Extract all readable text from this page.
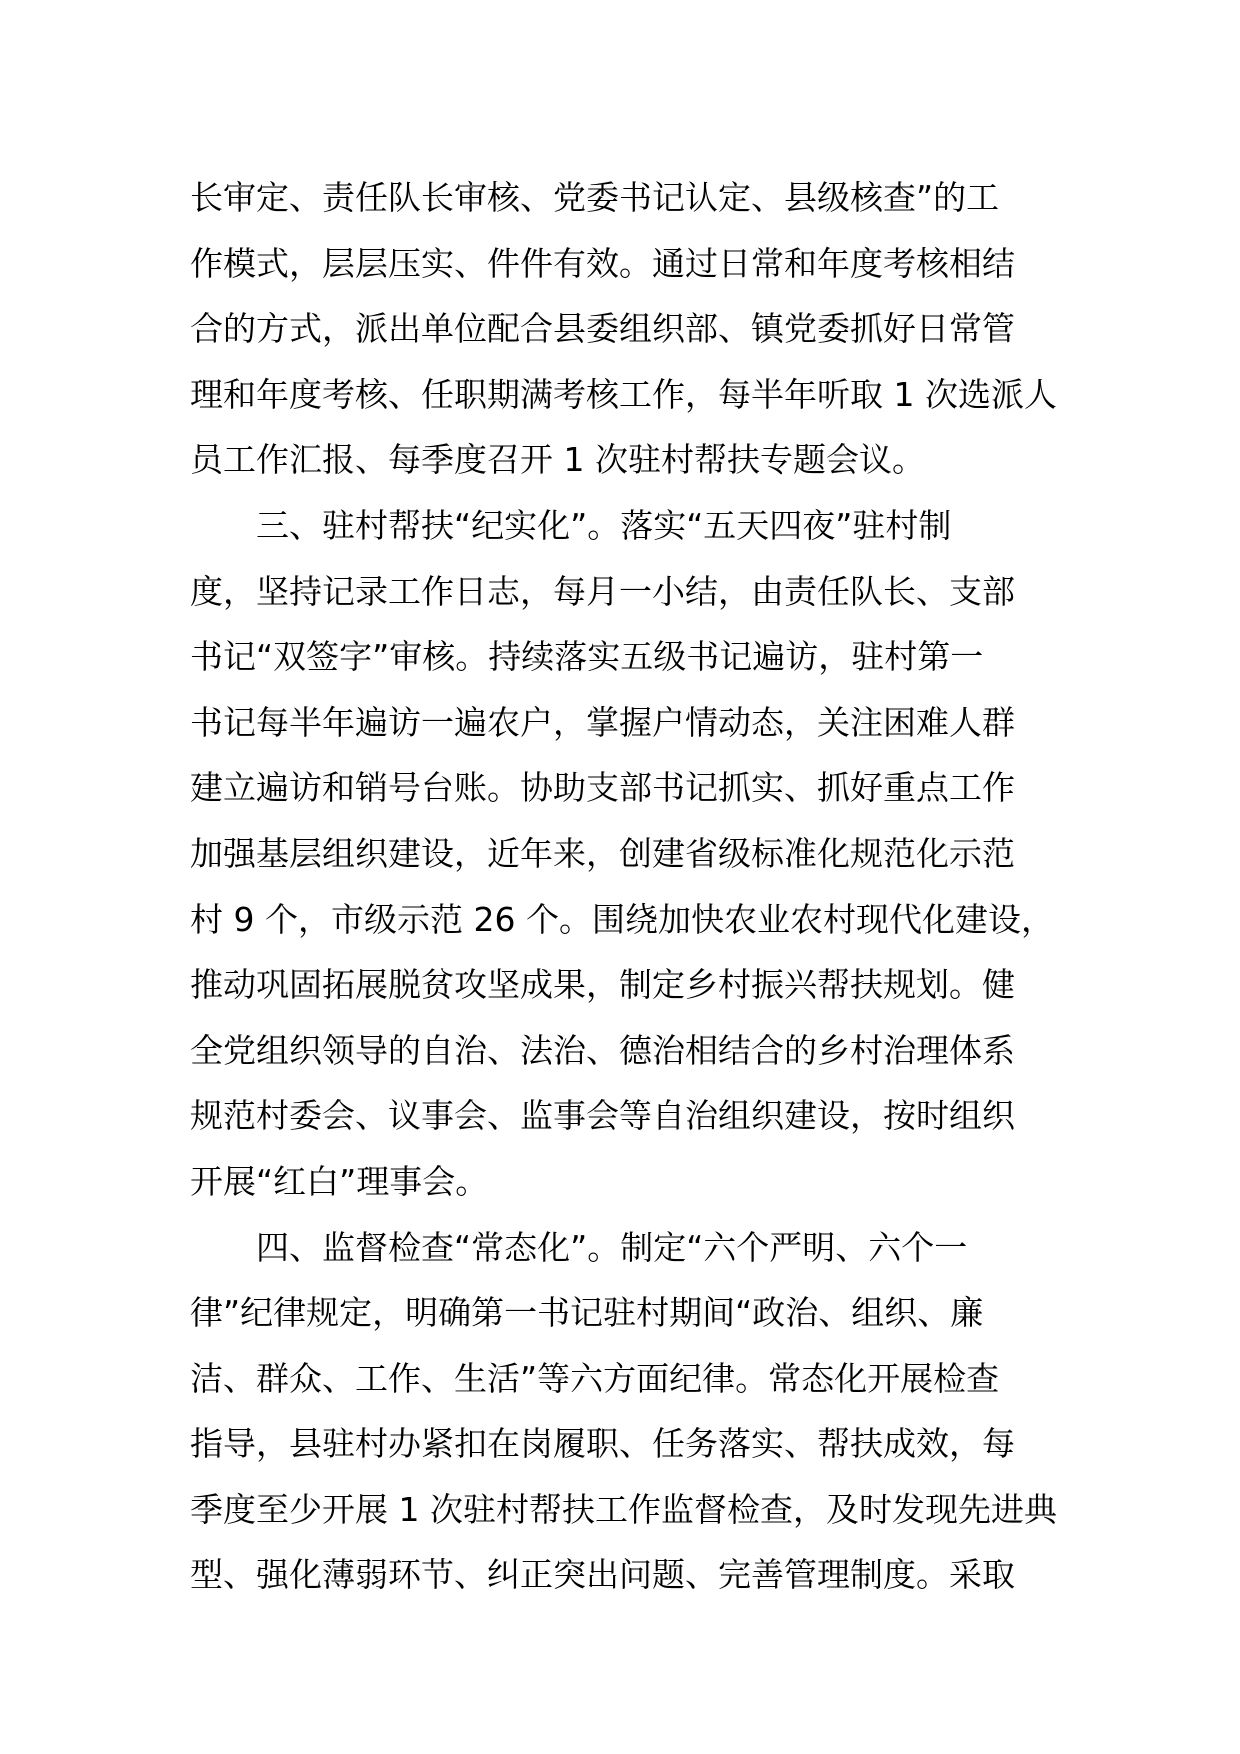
长审定、责任队长审核、党委书记认定、县级核查”的工
作模式，层层压实、件件有效。通过日常和年度考核相结
合的方式，派出单位配合县委组织部、镇党委抓好日常管
理和年度考核、任职期满考核工作，每半年听取 1 次选派人
员工作汇报、每季度召开 1 次驻村帮扶专题会议。
三、驻村帮扶“纪实化”。落实“五天四夜”驻村制
度，坚持记录工作日志，每月一小结，由责任队长、支部
书记“双签字”审核。持续落实五级书记遍访，驻村第一
书记每半年遍访一遍农户，掌握户情动态，关注困难人群
建立遍访和销号台账。协助支部书记抓实、抓好重点工作
加强基层组织建设，近年来，创建省级标准化规范化示范
村 9 个，市级示范 26 个。围绕加快农业农村现代化建设，
推动巩固拓展脱贫攻坚成果，制定乡村振兴帮扶规划。健
全党组织领导的自治、法治、德治相结合的乡村治理体系
规范村委会、议事会、监事会等自治组织建设，按时组织
开展“红白”理事会。
四、监督检查“常态化”。制定“六个严明、六个一
律”纪律规定，明确第一书记驻村期间“政治、组织、廉
洁、群众、工作、生活”等六方面纪律。常态化开展检查
指导，县驻村办紧扣在岗履职、任务落实、帮扶成效，每
季度至少开展 1 次驻村帮扶工作监督检查，及时发现先进典
型、强化薄弱环节、纠正突出问题、完善管理制度。采取
